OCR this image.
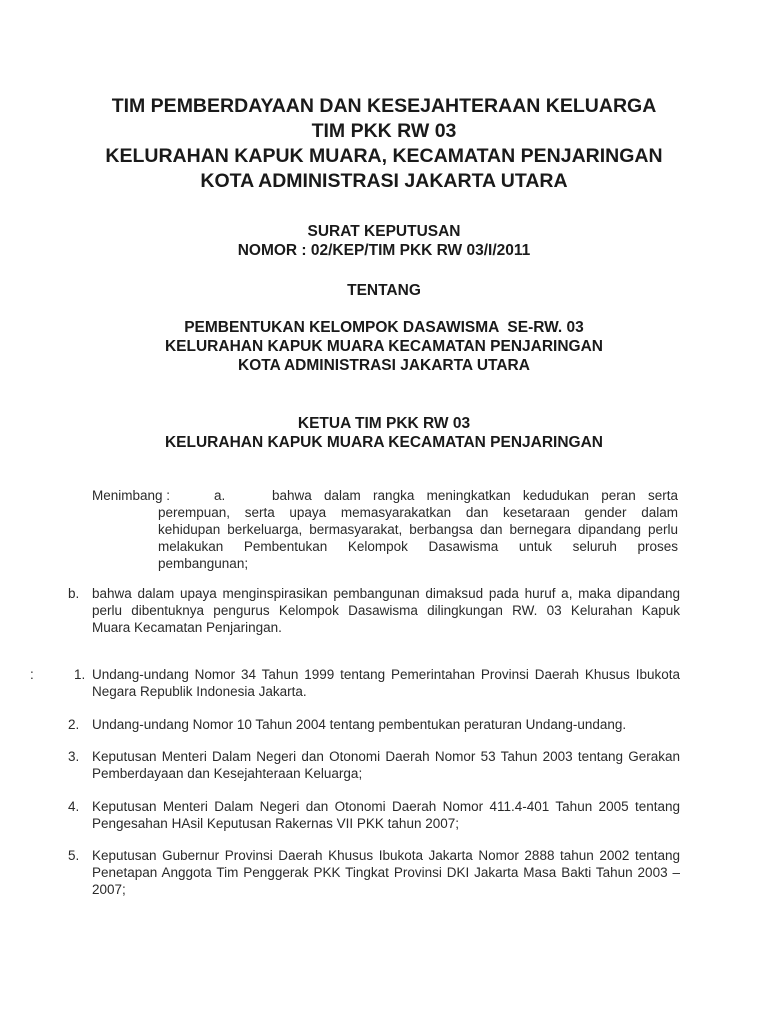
TIM PEMBERDAYAAN DAN KESEJAHTERAAN KELUARGA
TIM PKK RW 03
KELURAHAN KAPUK MUARA, KECAMATAN PENJARINGAN
KOTA ADMINISTRASI JAKARTA UTARA
SURAT KEPUTUSAN
NOMOR : 02/KEP/TIM PKK RW 03/I/2011
TENTANG
PEMBENTUKAN KELOMPOK DASAWISMA  SE-RW. 03
KELURAHAN KAPUK MUARA KECAMATAN PENJARINGAN
KOTA ADMINISTRASI JAKARTA UTARA
KETUA TIM PKK RW 03
KELURAHAN KAPUK MUARA KECAMATAN PENJARINGAN
Menimbang :	a.	bahwa dalam rangka meningkatkan kedudukan peran serta
perempuan, serta upaya memasyarakatkan dan kesetaraan gender dalam
kehidupan berkeluarga, bermasyarakat, berbangsa dan bernegara dipandang perlu
melakukan Pembentukan Kelompok Dasawisma untuk seluruh proses
pembangunan;
b. bahwa dalam upaya menginspirasikan pembangunan dimaksud pada huruf a, maka dipandang
perlu dibentuknya pengurus Kelompok Dasawisma dilingkungan RW. 03 Kelurahan Kapuk
Muara Kecamatan Penjaringan.
:	1. Undang-undang Nomor 34 Tahun 1999 tentang Pemerintahan Provinsi Daerah Khusus Ibukota
Negara Republik Indonesia Jakarta.
2. Undang-undang Nomor 10 Tahun 2004 tentang pembentukan peraturan Undang-undang.
3. Keputusan Menteri Dalam Negeri dan Otonomi Daerah Nomor 53 Tahun 2003 tentang Gerakan
Pemberdayaan dan Kesejahteraan Keluarga;
4. Keputusan Menteri Dalam Negeri dan Otonomi Daerah Nomor 411.4-401 Tahun 2005 tentang
Pengesahan HAsil Keputusan Rakernas VII PKK tahun 2007;
5. Keputusan Gubernur Provinsi Daerah Khusus Ibukota Jakarta Nomor 2888 tahun 2002 tentang
Penetapan Anggota Tim Penggerak PKK Tingkat Provinsi DKI Jakarta Masa Bakti Tahun 2003 –
2007;
